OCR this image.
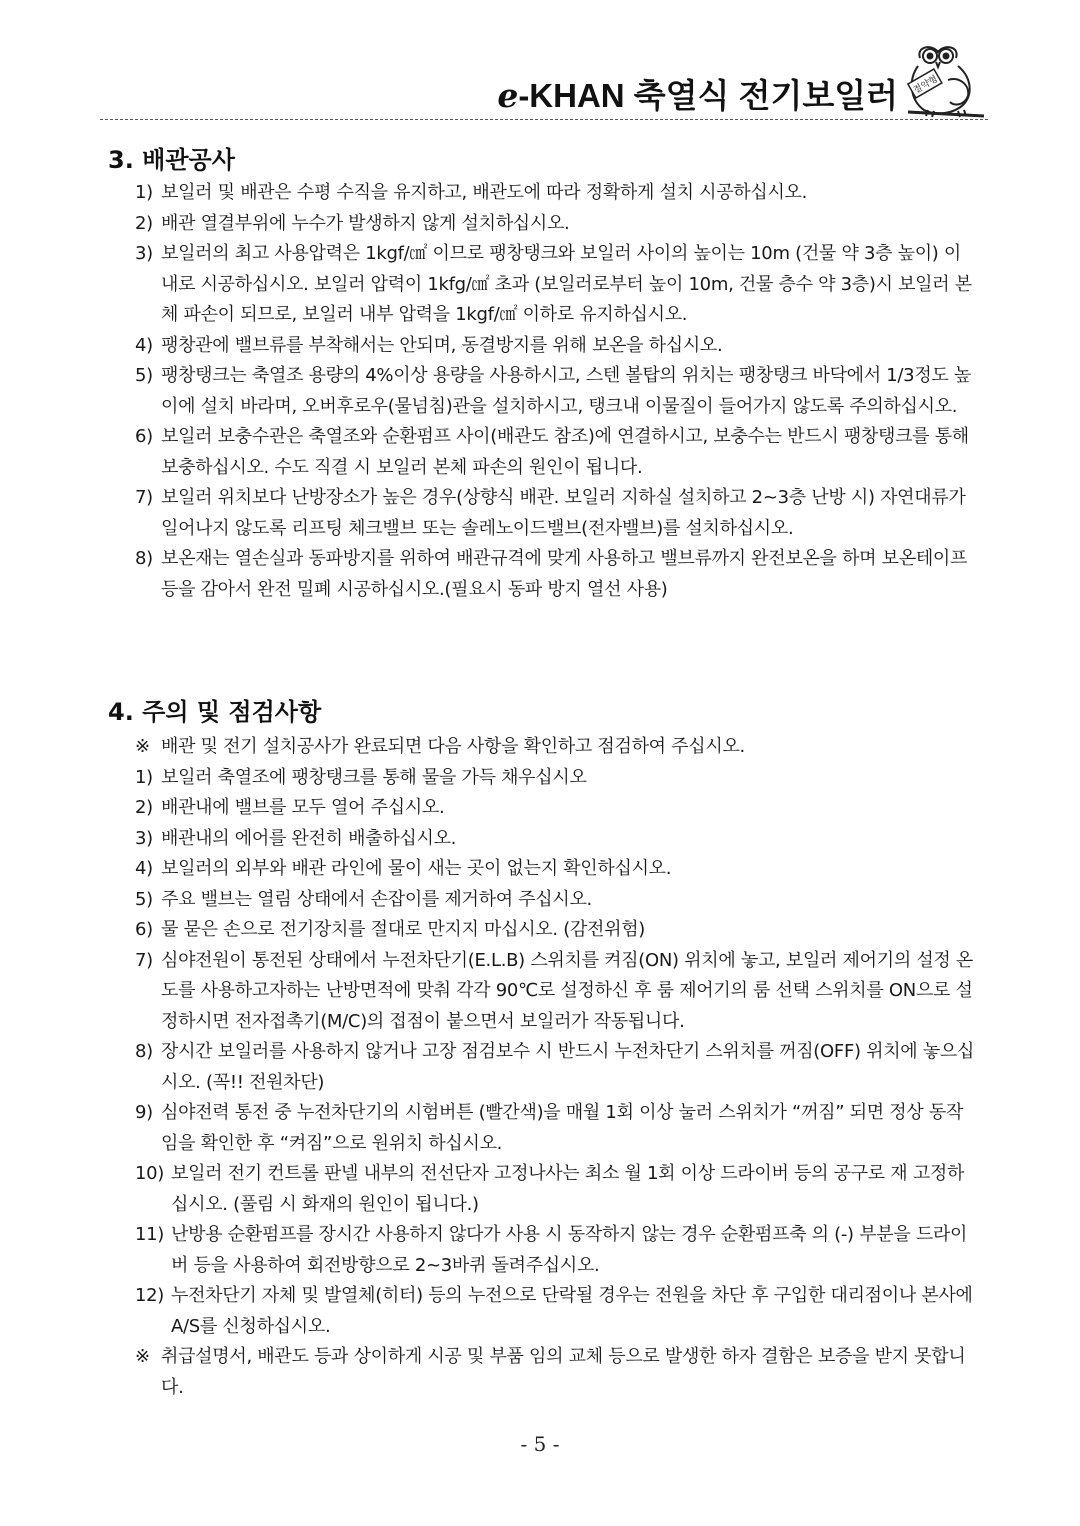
e-KHAN 축열식 전기보일러 절약형
3. 배관공사
1) 보일러 및 배관은 수평 수직을 유지하고, 배관도에 따라 정확하게 설치 시공하십시오.
2) 배관 열결부위에 누수가 발생하지 않게 설치하십시오.
3) 보일러의 최고 사용압력은 1kgf/㎠ 이므로 팽창탱크와 보일러 사이의 높이는 10m (건물 약 3층 높이) 이내로 시공하십시오. 보일러 압력이 1kfg/㎠ 초과 (보일러로부터 높이 10m, 건물 층수 약 3층)시 보일러 본체 파손이 되므로, 보일러 내부 압력을 1kgf/㎠ 이하로 유지하십시오.
4) 팽창관에 밸브류를 부착해서는 안되며, 동결방지를 위해 보온을 하십시오.
5) 팽창탱크는 축열조 용량의 4%이상 용량을 사용하시고, 스텐 볼탑의 위치는 팽창탱크 바닥에서 1/3정도 높이에 설치 바라며, 오버후로우(물넘침)관을 설치하시고, 탱크내 이물질이 들어가지 않도록 주의하십시오.
6) 보일러 보충수관은 축열조와 순환펌프 사이(배관도 참조)에 연결하시고, 보충수는 반드시 팽창탱크를 통해 보충하십시오. 수도 직결 시 보일러 본체 파손의 원인이 됩니다.
7) 보일러 위치보다 난방장소가 높은 경우(상향식 배관. 보일러 지하실 설치하고 2~3층 난방 시) 자연대류가 일어나지 않도록 리프팅 체크밸브 또는 솔레노이드밸브(전자밸브)를 설치하십시오.
8) 보온재는 열손실과 동파방지를 위하여 배관규격에 맞게 사용하고 밸브류까지 완전보온을 하며 보온테이프 등을 감아서 완전 밀폐 시공하십시오.(필요시 동파 방지 열선 사용)
4. 주의 및 점검사항
※ 배관 및 전기 설치공사가 완료되면 다음 사항을 확인하고 점검하여 주십시오.
1) 보일러 축열조에 팽창탱크를 통해 물을 가득 채우십시오
2) 배관내에 밸브를 모두 열어 주십시오.
3) 배관내의 에어를 완전히 배출하십시오.
4) 보일러의 외부와 배관 라인에 물이 새는 곳이 없는지 확인하십시오.
5) 주요 밸브는 열림 상태에서 손잡이를 제거하여 주십시오.
6) 물 묻은 손으로 전기장치를 절대로 만지지 마십시오. (감전위험)
7) 심야전원이 통전된 상태에서 누전차단기(E.L.B) 스위치를 켜짐(ON) 위치에 놓고, 보일러 제어기의 설정 온도를 사용하고자하는 난방면적에 맞춰 각각 90℃로 설정하신 후 룸 제어기의 룸 선택 스위치를 ON으로 설정하시면 전자접촉기(M/C)의 접점이 붙으면서 보일러가 작동됩니다.
8) 장시간 보일러를 사용하지 않거나 고장 점검보수 시 반드시 누전차단기 스위치를 꺼짐(OFF) 위치에 놓으십시오. (꼭!! 전원차단)
9) 심야전력 통전 중 누전차단기의 시험버튼 (빨간색)을 매월 1회 이상 눌러 스위치가 “꺼짐” 되면 정상 동작임을 확인한 후 “켜짐”으로 원위치 하십시오.
10) 보일러 전기 컨트롤 판넬 내부의 전선단자 고정나사는 최소 월 1회 이상 드라이버 등의 공구로 재 고정하십시오. (풀림 시 화재의 원인이 됩니다.)
11) 난방용 순환펌프를 장시간 사용하지 않다가 사용 시 동작하지 않는 경우 순환펌프축 의 (-) 부분을 드라이버 등을 사용하여 회전방향으로 2~3바퀴 돌려주십시오.
12) 누전차단기 자체 및 발열체(히터) 등의 누전으로 단락될 경우는 전원을 차단 후 구입한 대리점이나 본사에 A/S를 신청하십시오.
※ 취급설명서, 배관도 등과 상이하게 시공 및 부품 임의 교체 등으로 발생한 하자 결함은 보증을 받지 못합니다.
- 5 -
